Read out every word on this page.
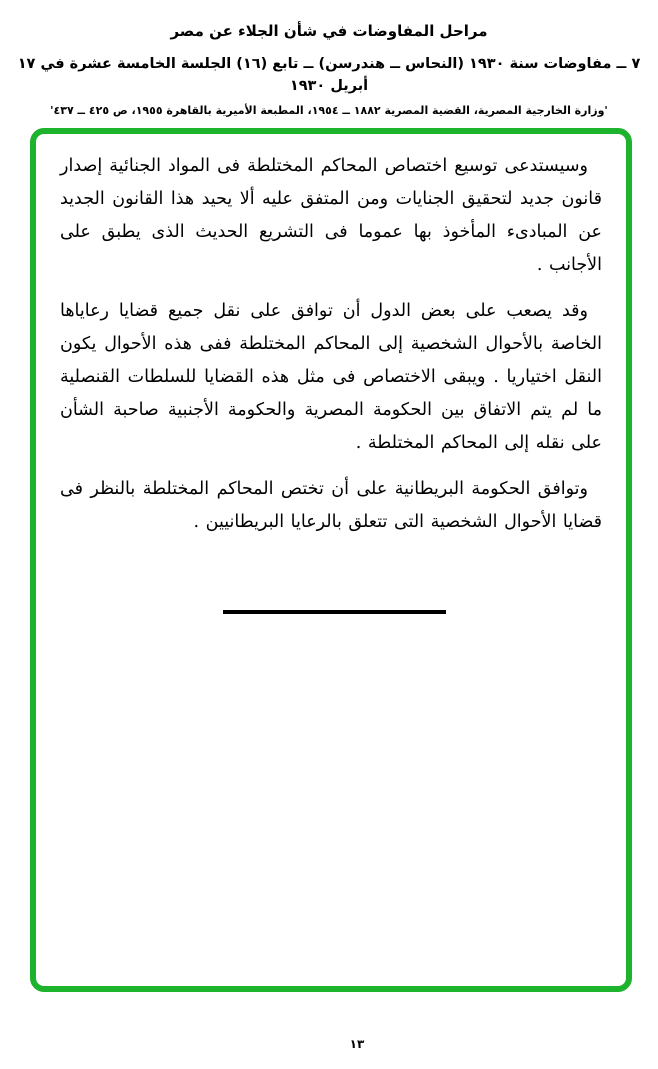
مراحل المفاوضات في شأن الجلاء عن مصر
٧ ــ مفاوضات سنة ١٩٣٠ (النحاس ــ هندرسن) ــ تابع (١٦) الجلسة الخامسة عشرة في ١٧ أبريل ١٩٣٠
'وزارة الخارجية المصرية، القضية المصرية ١٨٨٢ ــ ١٩٥٤، المطبعة الأميرية بالقاهرة ١٩٥٥، ص ٤٢٥ ــ ٤٣٧'

وسيستدعى توسيع اختصاص المحاكم المختلطة فى المواد الجنائية إصدار قانون جديد لتحقيق الجنايات ومن المتفق عليه ألا يحيد هذا القانون الجديد عن المبادىء المأخوذ بها عموما فى التشريع الحديث الذى يطبق على الأجانب .

وقد يصعب على بعض الدول أن توافق على نقل جميع قضايا رعاياها الخاصة بالأحوال الشخصية إلى المحاكم المختلطة ففى هذه الأحوال يكون النقل اختياريا . ويبقى الاختصاص فى مثل هذه القضايا للسلطات القنصلية ما لم يتم الاتفاق بين الحكومة المصرية والحكومة الأجنبية صاحبة الشأن على نقله إلى المحاكم المختلطة .

وتوافق الحكومة البريطانية على أن تختص المحاكم المختلطة بالنظر فى قضايا الأحوال الشخصية التى تتعلق بالرعايا البريطانيين .

١٣
